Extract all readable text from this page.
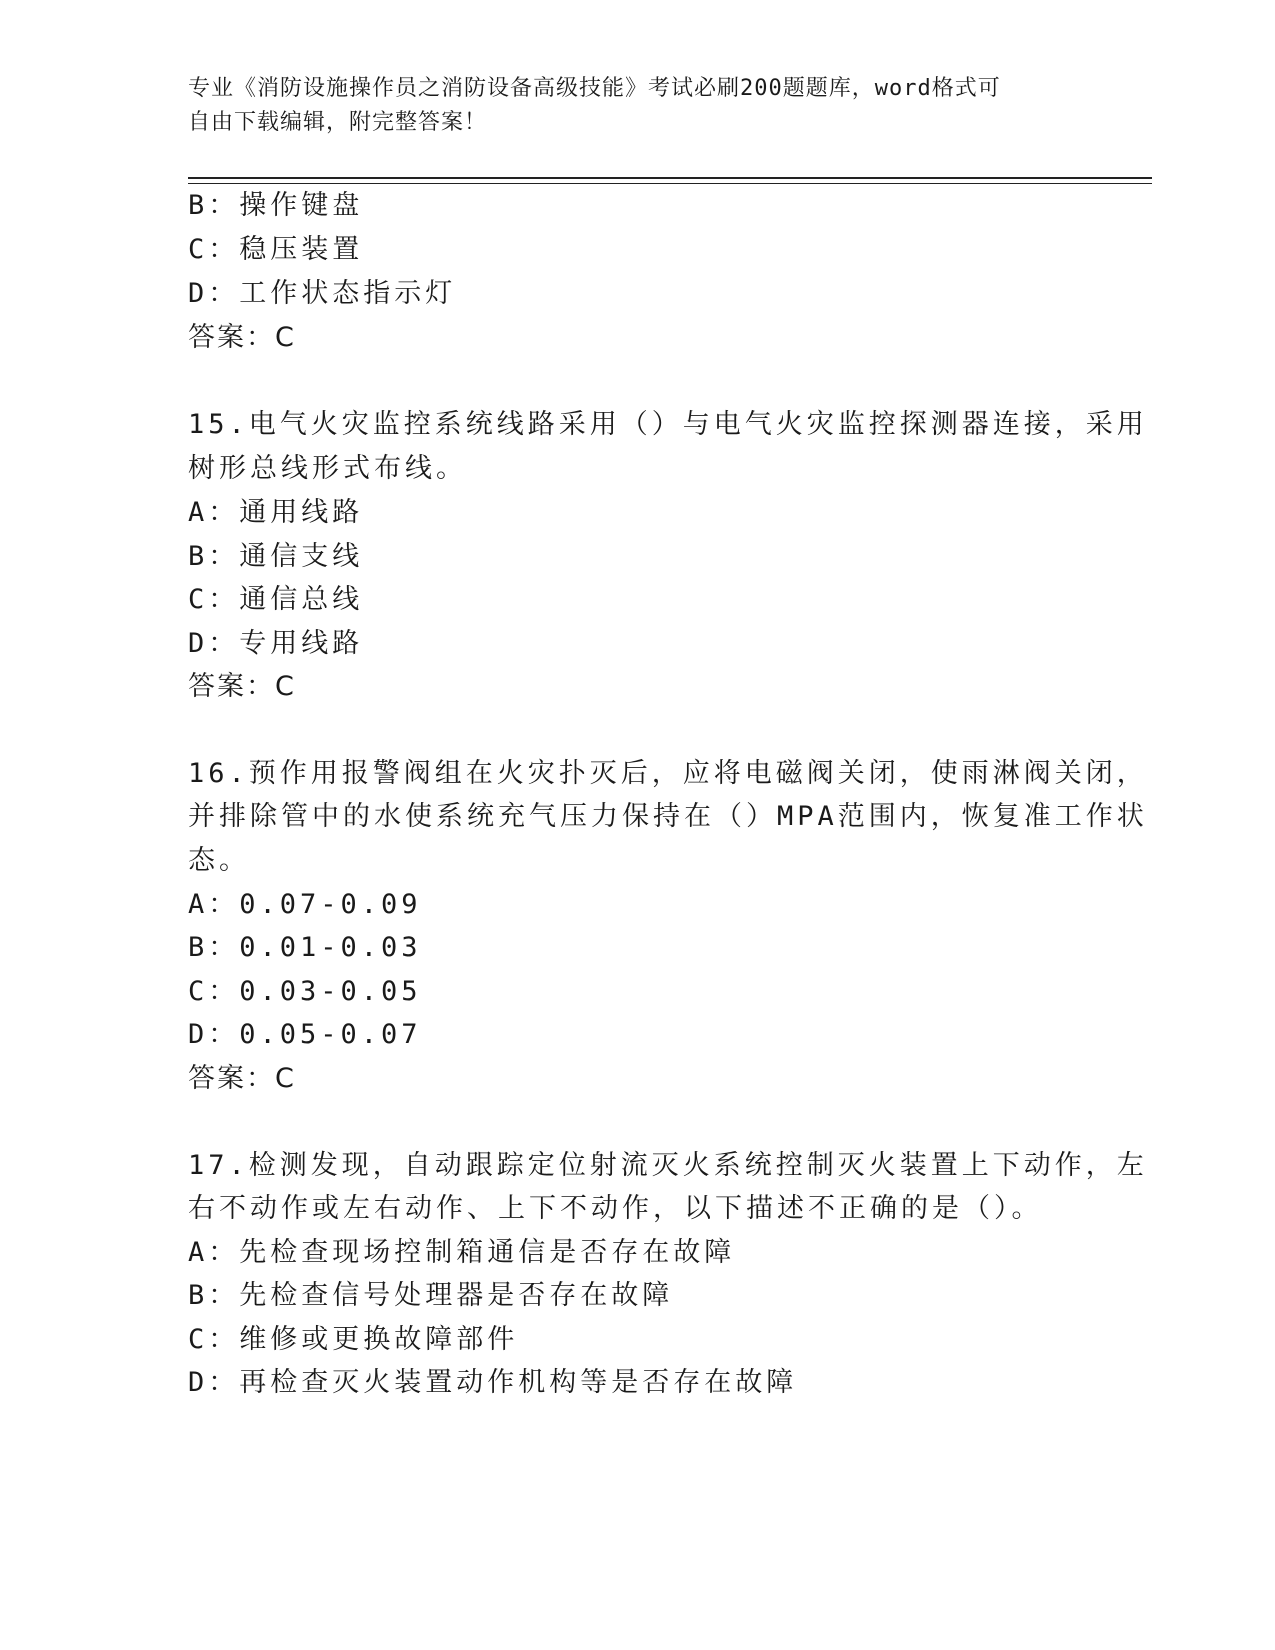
专业《消防设施操作员之消防设备高级技能》考试必刷200题题库，word格式可
自由下载编辑，附完整答案！
B：操作键盘
C：稳压装置
D：工作状态指示灯
答案：C
15.电气火灾监控系统线路采用（）与电气火灾监控探测器连接，采用
树形总线形式布线。
A：通用线路
B：通信支线
C：通信总线
D：专用线路
答案：C
16.预作用报警阀组在火灾扑灭后，应将电磁阀关闭，使雨淋阀关闭，
并排除管中的水使系统充气压力保持在（）MPA范围内，恢复准工作状
态。
A：0.07-0.09
B：0.01-0.03
C：0.03-0.05
D：0.05-0.07
答案：C
17.检测发现，自动跟踪定位射流灭火系统控制灭火装置上下动作，左
右不动作或左右动作、上下不动作，以下描述不正确的是（）。
A：先检查现场控制箱通信是否存在故障
B：先检查信号处理器是否存在故障
C：维修或更换故障部件
D：再检查灭火装置动作机构等是否存在故障
